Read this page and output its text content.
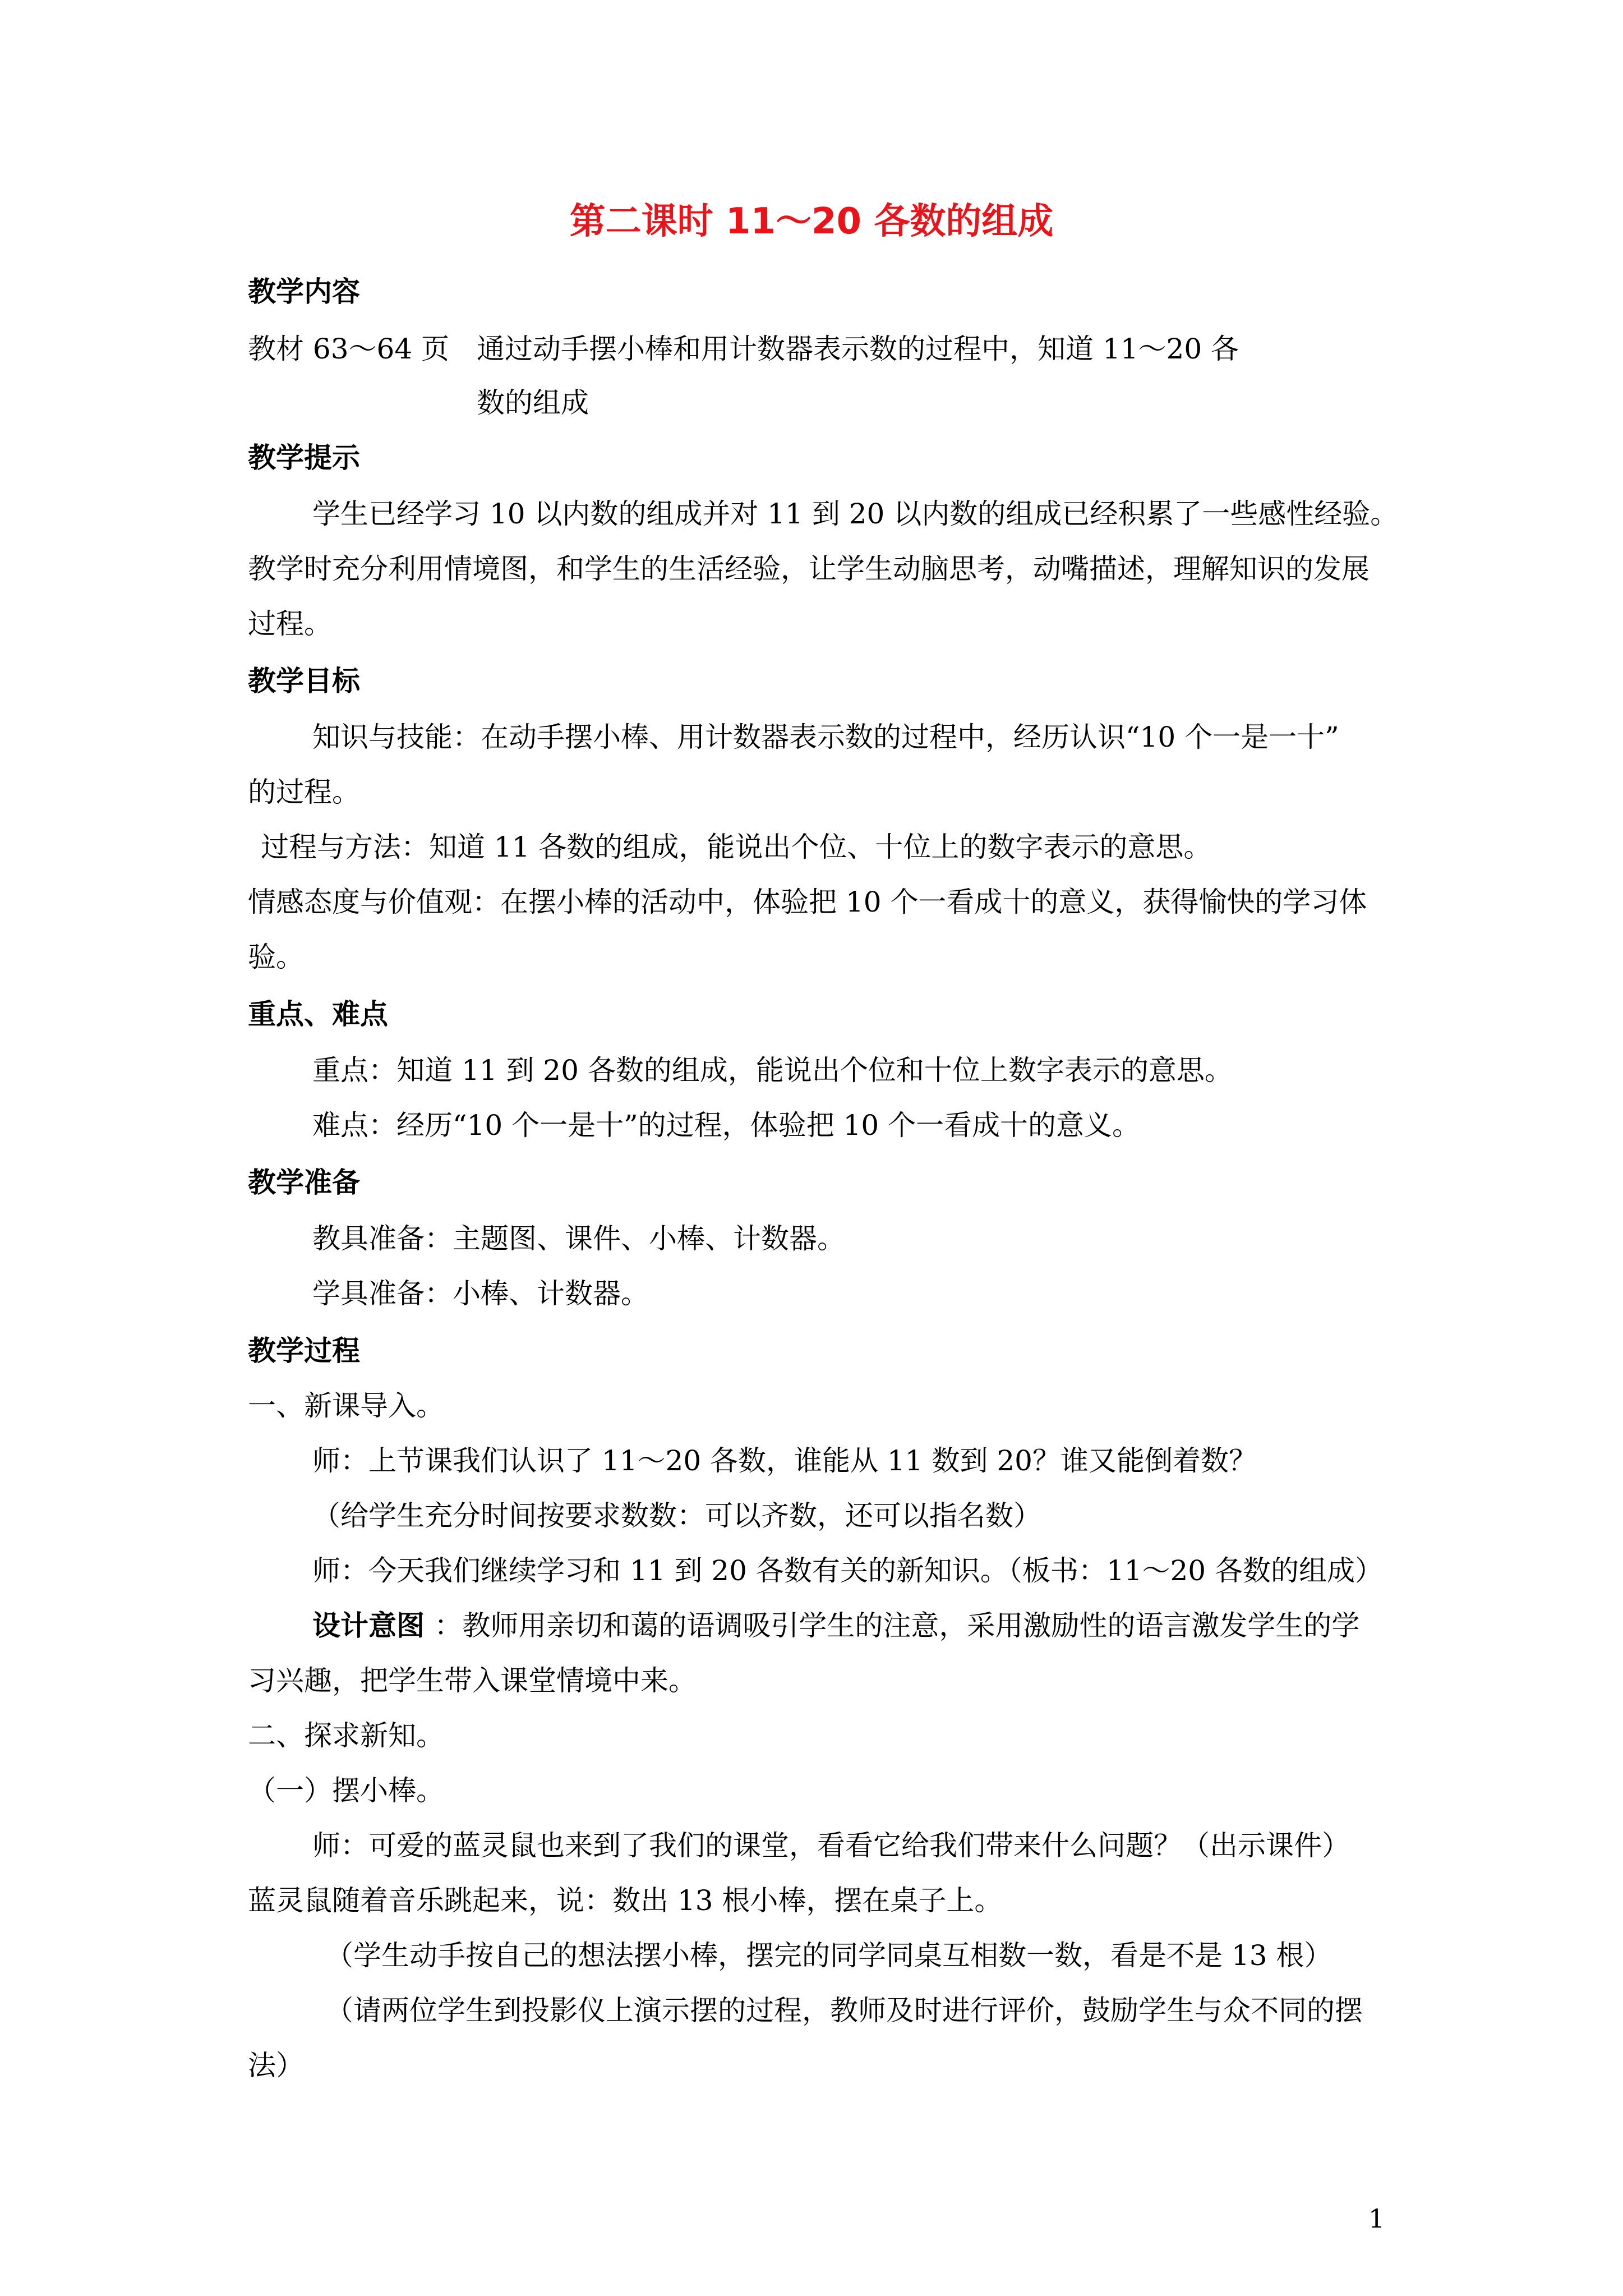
第二课时 11～20 各数的组成
教学内容
教材 63～64 页 通过动手摆小棒和用计数器表示数的过程中，知道 11～20 各
数的组成
教学提示
学生已经学习 10 以内数的组成并对 11 到 20 以内数的组成已经积累了一些感性经验。
教学时充分利用情境图，和学生的生活经验，让学生动脑思考，动嘴描述，理解知识的发展
过程。
教学目标
知识与技能：在动手摆小棒、用计数器表示数的过程中，经历认识“10 个一是一十”
的过程。
过程与方法：知道 11 各数的组成，能说出个位、十位上的数字表示的意思。
情感态度与价值观：在摆小棒的活动中，体验把 10 个一看成十的意义，获得愉快的学习体
验。
重点、难点
重点：知道 11 到 20 各数的组成，能说出个位和十位上数字表示的意思。
难点：经历“10 个一是十”的过程，体验把 10 个一看成十的意义。
教学准备
教具准备：主题图、课件、小棒、计数器。
学具准备：小棒、计数器。
教学过程
一、新课导入。
师：上节课我们认识了 11～20 各数，谁能从 11 数到 20？谁又能倒着数？
（给学生充分时间按要求数数：可以齐数，还可以指名数）
师：今天我们继续学习和 11 到 20 各数有关的新知识。（板书：11～20 各数的组成）
设计意图 ：教师用亲切和蔼的语调吸引学生的注意，采用激励性的语言激发学生的学
习兴趣，把学生带入课堂情境中来。
二、探求新知。
（一）摆小棒。
师：可爱的蓝灵鼠也来到了我们的课堂，看看它给我们带来什么问题？（出示课件）
蓝灵鼠随着音乐跳起来，说：数出 13 根小棒，摆在桌子上。
（学生动手按自己的想法摆小棒，摆完的同学同桌互相数一数，看是不是 13 根）
（请两位学生到投影仪上演示摆的过程，教师及时进行评价，鼓励学生与众不同的摆
法）
1
